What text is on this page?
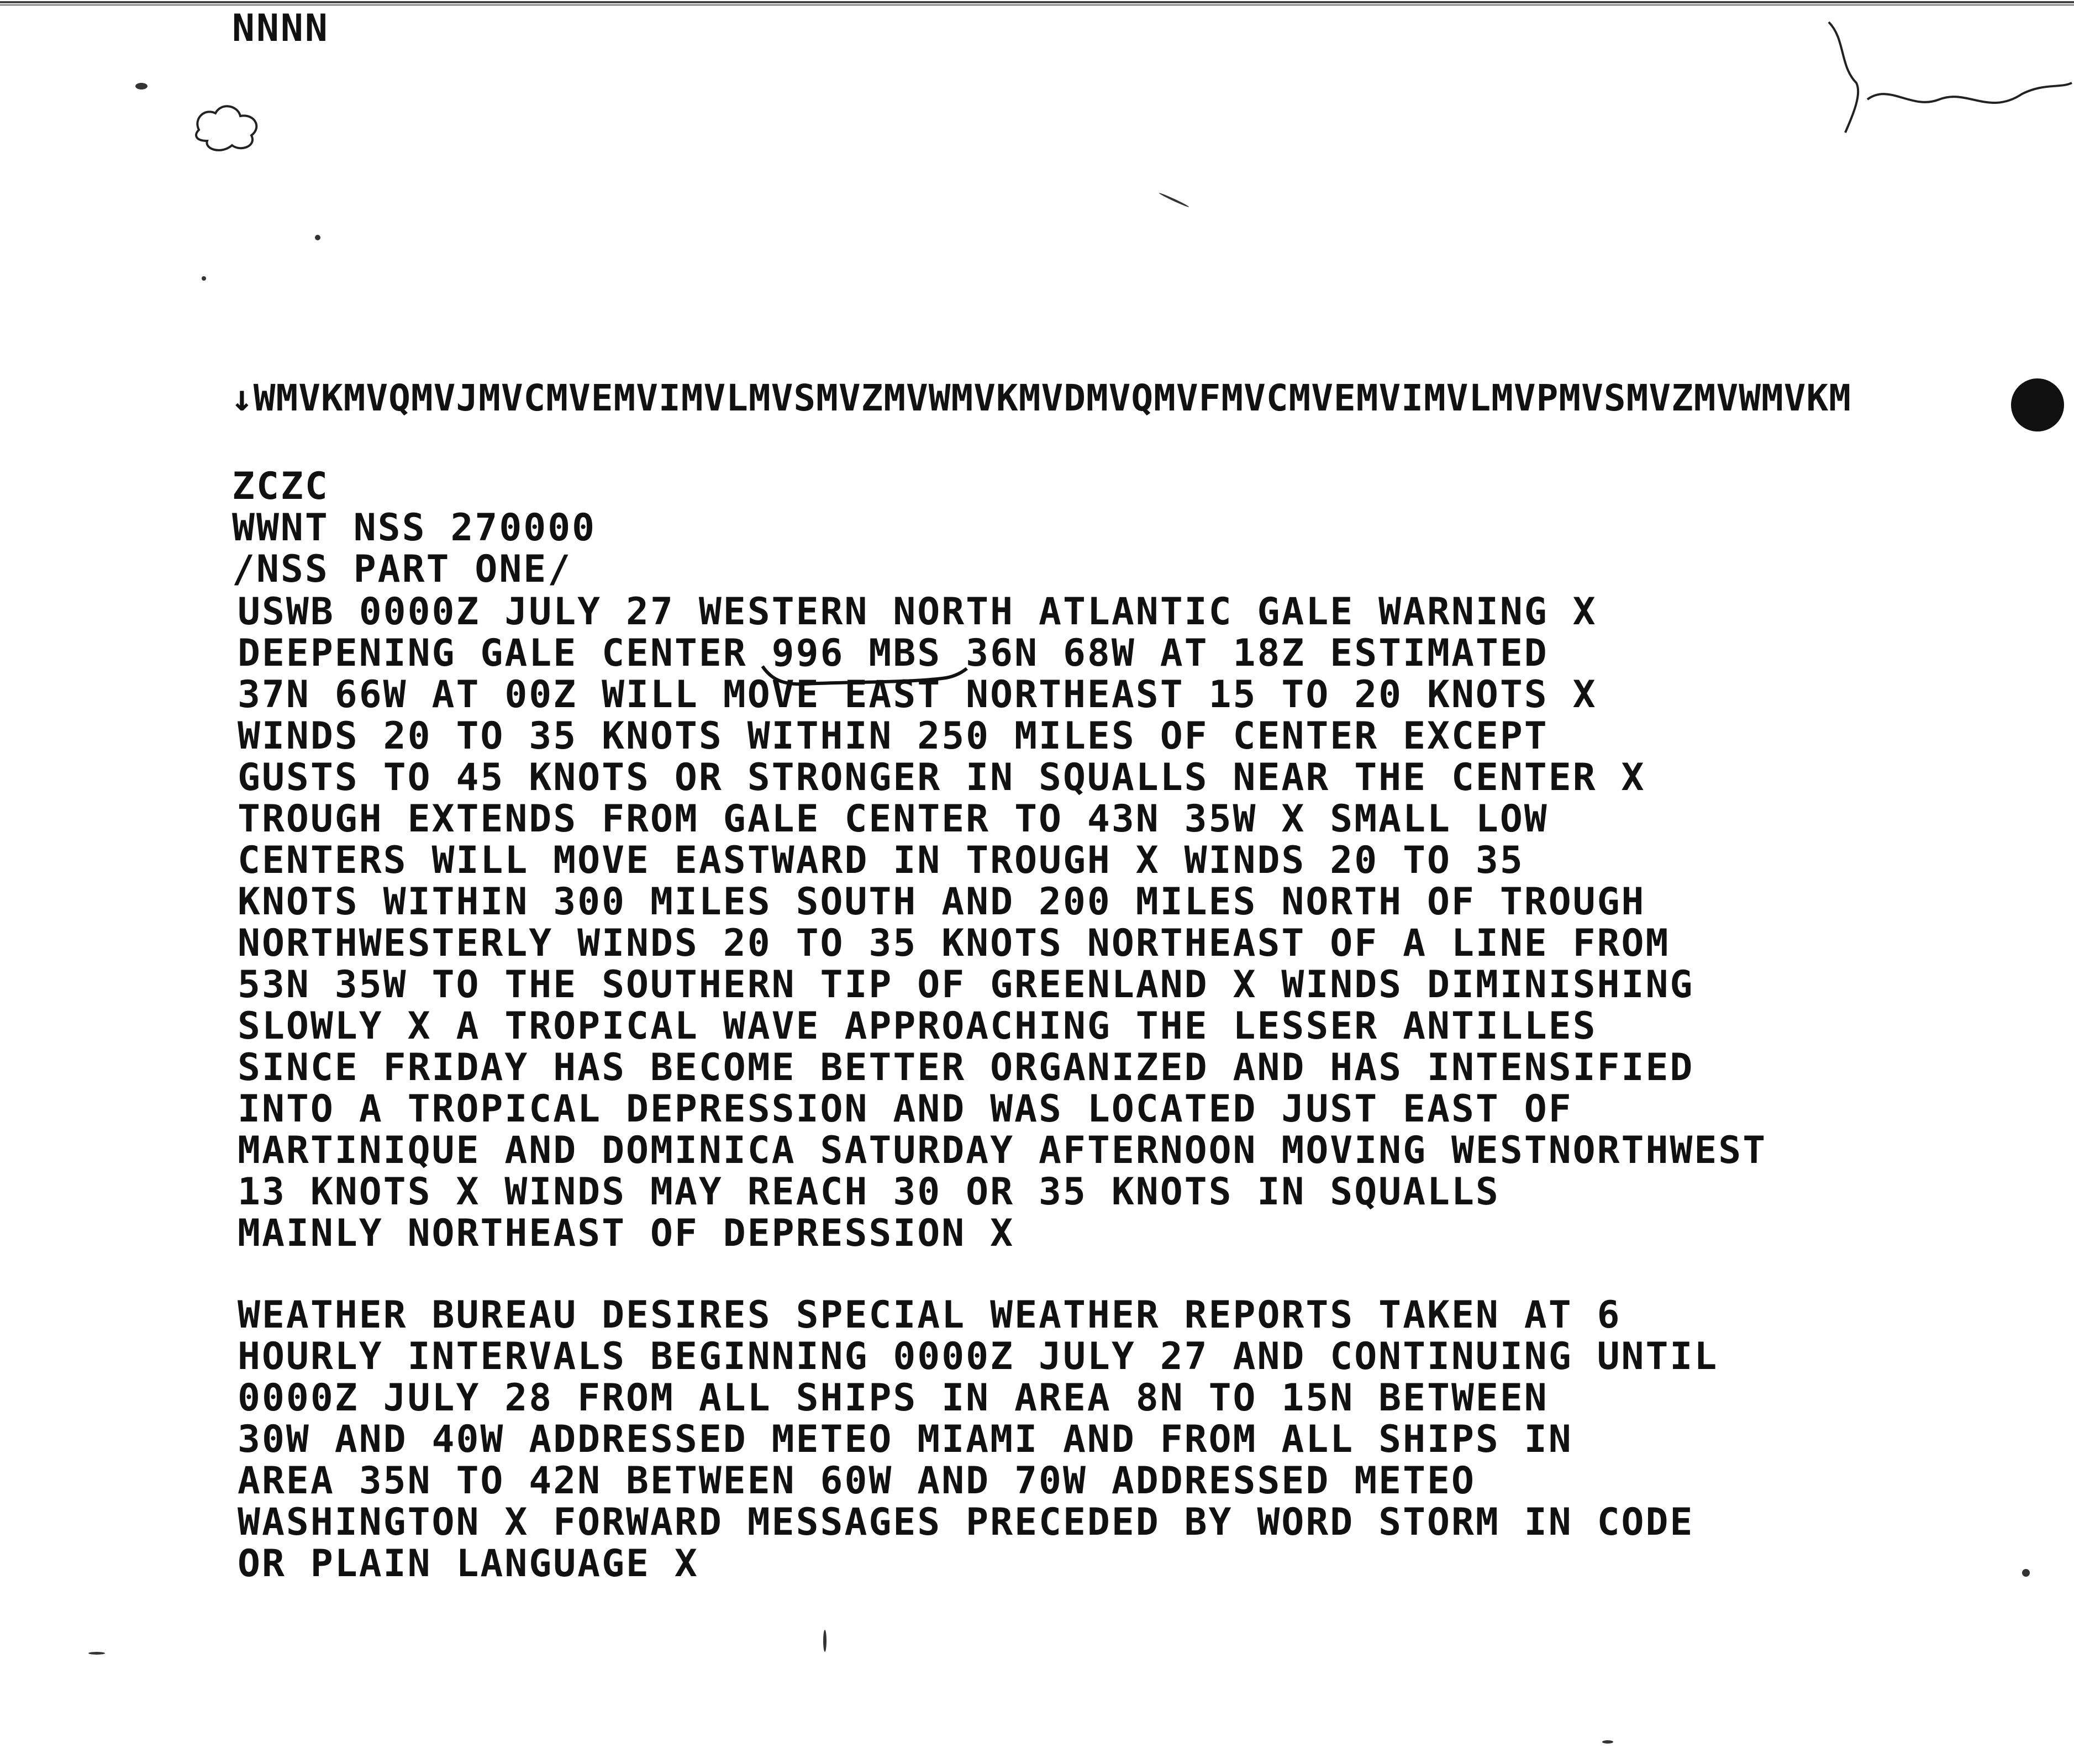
NNNN
↓WMVKMVQMVJMVCMVEMVIMVLMVSMVZMVWMVKMVDMVQMVFMVCMVEMVIMVLMVPMVSMVZMVWMVKM
ZCZC
WWNT NSS 270000
/NSS PART ONE/
USWB 0000Z JULY 27 WESTERN NORTH ATLANTIC GALE WARNING X
DEEPENING GALE CENTER 996 MBS 36N 68W AT 18Z ESTIMATED
37N 66W AT 00Z WILL MOVE EAST NORTHEAST 15 TO 20 KNOTS X
WINDS 20 TO 35 KNOTS WITHIN 250 MILES OF CENTER EXCEPT
GUSTS TO 45 KNOTS OR STRONGER IN SQUALLS NEAR THE CENTER X
TROUGH EXTENDS FROM GALE CENTER TO 43N 35W X SMALL LOW
CENTERS WILL MOVE EASTWARD IN TROUGH X WINDS 20 TO 35
KNOTS WITHIN 300 MILES SOUTH AND 200 MILES NORTH OF TROUGH
NORTHWESTERLY WINDS 20 TO 35 KNOTS NORTHEAST OF A LINE FROM
53N 35W TO THE SOUTHERN TIP OF GREENLAND X WINDS DIMINISHING
SLOWLY X A TROPICAL WAVE APPROACHING THE LESSER ANTILLES
SINCE FRIDAY HAS BECOME BETTER ORGANIZED AND HAS INTENSIFIED
INTO A TROPICAL DEPRESSION AND WAS LOCATED JUST EAST OF
MARTINIQUE AND DOMINICA SATURDAY AFTERNOON MOVING WESTNORTHWEST
13 KNOTS X WINDS MAY REACH 30 OR 35 KNOTS IN SQUALLS
MAINLY NORTHEAST OF DEPRESSION X
WEATHER BUREAU DESIRES SPECIAL WEATHER REPORTS TAKEN AT 6
HOURLY INTERVALS BEGINNING 0000Z JULY 27 AND CONTINUING UNTIL
0000Z JULY 28 FROM ALL SHIPS IN AREA 8N TO 15N BETWEEN
30W AND 40W ADDRESSED METEO MIAMI AND FROM ALL SHIPS IN
AREA 35N TO 42N BETWEEN 60W AND 70W ADDRESSED METEO
WASHINGTON X FORWARD MESSAGES PRECEDED BY WORD STORM IN CODE
OR PLAIN LANGUAGE X
